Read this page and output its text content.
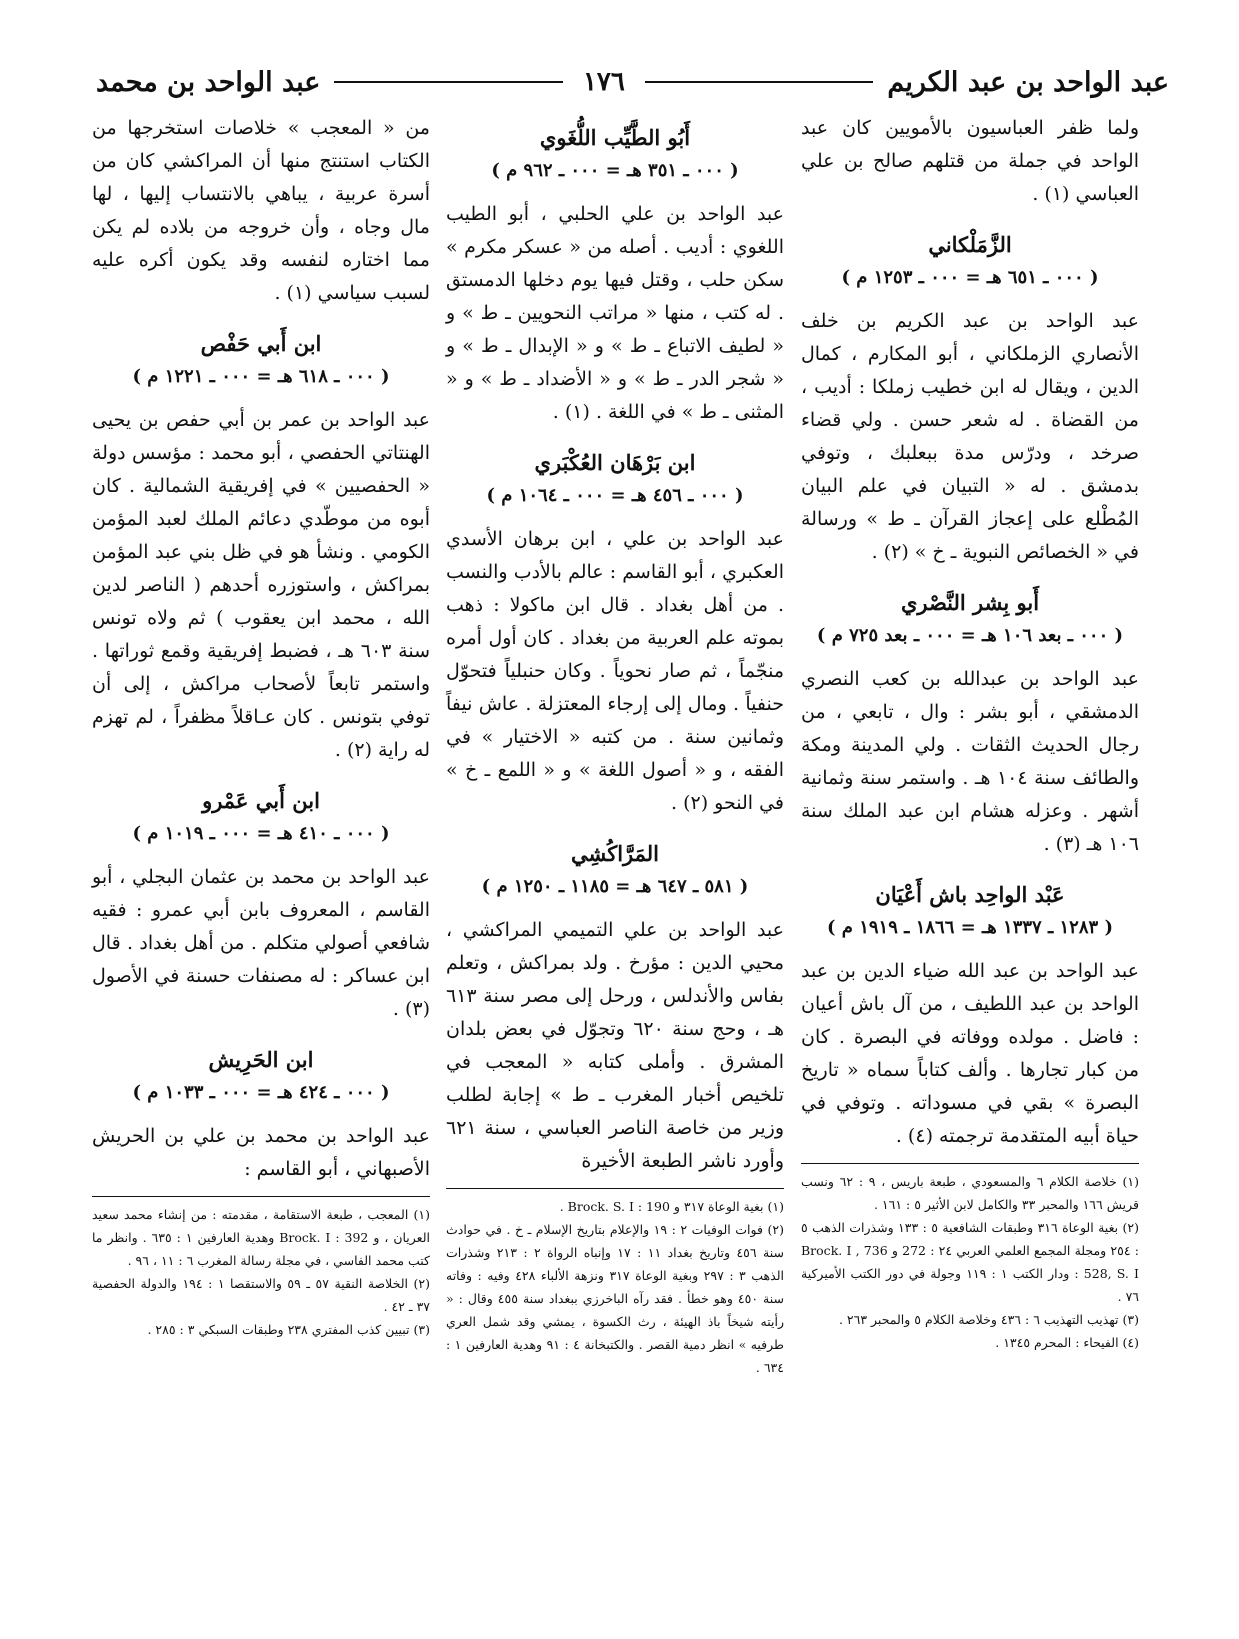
عبد الواحد بن عبد الكريم
١٧٦
عبد الواحد بن محمد

ولما ظفر العباسيون بالأمويين كان عبد الواحد في جملة من قتلهم صالح بن علي العباسي (١) .

الزَّمَلْكاني
( ٠٠٠ ـ ٦٥١ هـ = ٠٠٠ ـ ١٢٥٣ م )

عبد الواحد بن عبد الكريم بن خلف الأنصاري الزملكاني ، أبو المكارم ، كمال الدين ، ويقال له ابن خطيب زملكا : أديب ، من القضاة . له شعر حسن . ولي قضاء صرخد ، ودرّس مدة ببعلبك ، وتوفي بدمشق . له « التبيان في علم البيان المُطْلع على إعجاز القرآن ـ ط » ورسالة في « الخصائص النبوية ـ خ » (٢) .

أَبو بِشر النَّصْري
( ٠٠٠ ـ بعد ١٠٦ هـ = ٠٠٠ ـ بعد ٧٢٥ م )

عبد الواحد بن عبدالله بن كعب النصري الدمشقي ، أبو بشر : وال ، تابعي ، من رجال الحديث الثقات . ولي المدينة ومكة والطائف سنة ١٠٤ هـ . واستمر سنة وثمانية أشهر . وعزله هشام ابن عبد الملك سنة ١٠٦ هـ (٣) .

عَبْد الواحِد باش أَعْيَان
( ١٢٨٣ ـ ١٣٣٧ هـ = ١٨٦٦ ـ ١٩١٩ م )

عبد الواحد بن عبد الله ضياء الدين بن عبد الواحد بن عبد اللطيف ، من آل باش أعيان : فاضل . مولده ووفاته في البصرة . كان من كبار تجارها . وألف كتاباً سماه « تاريخ البصرة » بقي في مسوداته . وتوفي في حياة أبيه المتقدمة ترجمته (٤) .

(١) خلاصة الكلام ٦ والمسعودي ، طبعة باريس ، ٩ : ٦٢ ونسب قريش ١٦٦ والمحبر ٣٣ والكامل لابن الأثير ٥ : ١٦١ .

(٢) بغية الوعاة ٣١٦ وطبقات الشافعية ٥ : ١٣٣ وشذرات الذهب ٥ : ٢٥٤ ومجلة المجمع العلمي العربي ٢٤ : 272 و 736 , Brock. I : 528, S. I ودار الكتب ١ : ١١٩ وجولة في دور الكتب الأميركية ٧٦ .

(٣) تهذيب التهذيب ٦ : ٤٣٦ وخلاصة الكلام ٥ والمحبر ٢٦٣ .

(٤) الفيحاء : المحرم ١٣٤٥ .

أَبُو الطَّيِّب اللُّغَوي
( ٠٠٠ ـ ٣٥١ هـ = ٠٠٠ ـ ٩٦٢ م )

عبد الواحد بن علي الحلبي ، أبو الطيب اللغوي : أديب . أصله من « عسكر مكرم » سكن حلب ، وقتل فيها يوم دخلها الدمستق . له كتب ، منها « مراتب النحويين ـ ط » و « لطيف الاتباع ـ ط » و « الإبدال ـ ط » و « شجر الدر ـ ط » و « الأضداد ـ ط » و « المثنى ـ ط » في اللغة . (١) .

ابن بَرْهَان العُكْبَري
( ٠٠٠ ـ ٤٥٦ هـ = ٠٠٠ ـ ١٠٦٤ م )

عبد الواحد بن علي ، ابن برهان الأسدي العكبري ، أبو القاسم : عالم بالأدب والنسب . من أهل بغداد . قال ابن ماكولا : ذهب بموته علم العربية من بغداد . كان أول أمره منجّماً ، ثم صار نحوياً . وكان حنبلياً فتحوّل حنفياً . ومال إلى إرجاء المعتزلة . عاش نيفاً وثمانين سنة . من كتبه « الاختيار » في الفقه ، و « أصول اللغة » و « اللمع ـ خ » في النحو (٢) .

المَرَّاكُشِي
( ٥٨١ ـ ٦٤٧ هـ = ١١٨٥ ـ ١٢٥٠ م )

عبد الواحد بن علي التميمي المراكشي ، محيي الدين : مؤرخ . ولد بمراكش ، وتعلم بفاس والأندلس ، ورحل إلى مصر سنة ٦١٣ هـ ، وحج سنة ٦٢٠ وتجوّل في بعض بلدان المشرق . وأملى كتابه « المعجب في تلخيص أخبار المغرب ـ ط » إجابة لطلب وزير من خاصة الناصر العباسي ، سنة ٦٢١ وأورد ناشر الطبعة الأخيرة

(١) بغية الوعاة ٣١٧ و Brock. S. I : 190 .

(٢) فوات الوفيات ٢ : ١٩ والإعلام بتاريخ الإسلام ـ خ . في حوادث سنة ٤٥٦ وتاريخ بغداد ١١ : ١٧ وإنباه الرواة ٢ : ٢١٣ وشذرات الذهب ٣ : ٢٩٧ وبغية الوعاة ٣١٧ ونزهة الألباء ٤٢٨ وفيه : وفاته سنة ٤٥٠ وهو خطأ . فقد رآه الباخرزي ببغداد سنة ٤٥٥ وقال : « رأيته شيخاً باذ الهيئة ، رث الكسوة ، يمشي وقد شمل العري طرفيه » انظر دمية القصر . والكتبخانة ٤ : ٩١ وهدية العارفين ١ : ٦٣٤ .

من « المعجب » خلاصات استخرجها من الكتاب استنتج منها أن المراكشي كان من أسرة عربية ، يباهي بالانتساب إليها ، لها مال وجاه ، وأن خروجه من بلاده لم يكن مما اختاره لنفسه وقد يكون أكره عليه لسبب سياسي (١) .

ابن أَبي حَفْص
( ٠٠٠ ـ ٦١٨ هـ = ٠٠٠ ـ ١٢٢١ م )

عبد الواحد بن عمر بن أبي حفص بن يحيى الهنتاتي الحفصي ، أبو محمد : مؤسس دولة « الحفصيين » في إفريقية الشمالية . كان أبوه من موطّدي دعائم الملك لعبد المؤمن الكومي . ونشأ هو في ظل بني عبد المؤمن بمراكش ، واستوزره أحدهم ( الناصر لدين الله ، محمد ابن يعقوب ) ثم ولاه تونس سنة ٦٠٣ هـ ، فضبط إفريقية وقمع ثوراتها . واستمر تابعاً لأصحاب مراكش ، إلى أن توفي بتونس . كان عـاقلاً مظفراً ، لم تهزم له راية (٢) .

ابن أَبي عَمْرو
( ٠٠٠ ـ ٤١٠ هـ = ٠٠٠ ـ ١٠١٩ م )

عبد الواحد بن محمد بن عثمان البجلي ، أبو القاسم ، المعروف بابن أبي عمرو : فقيه شافعي أصولي متكلم . من أهل بغداد . قال ابن عساكر : له مصنفات حسنة في الأصول (٣) .

ابن الحَرِيش
( ٠٠٠ ـ ٤٢٤ هـ = ٠٠٠ ـ ١٠٣٣ م )

عبد الواحد بن محمد بن علي بن الحريش الأصبهاني ، أبو القاسم :

(١) المعجب ، طبعة الاستقامة ، مقدمته : من إنشاء محمد سعيد العريان ، و Brock. I : 392 وهدية العارفين ١ : ٦٣٥ . وانظر ما كتب محمد الفاسي ، في مجلة رسالة المغرب ٦ : ١١ ، ٩٦ .

(٢) الخلاصة النقية ٥٧ ـ ٥٩ والاستقصا ١ : ١٩٤ والدولة الحفصية ٣٧ ـ ٤٢ .

(٣) تبيين كذب المفتري ٢٣٨ وطبقات السبكي ٣ : ٢٨٥ .
